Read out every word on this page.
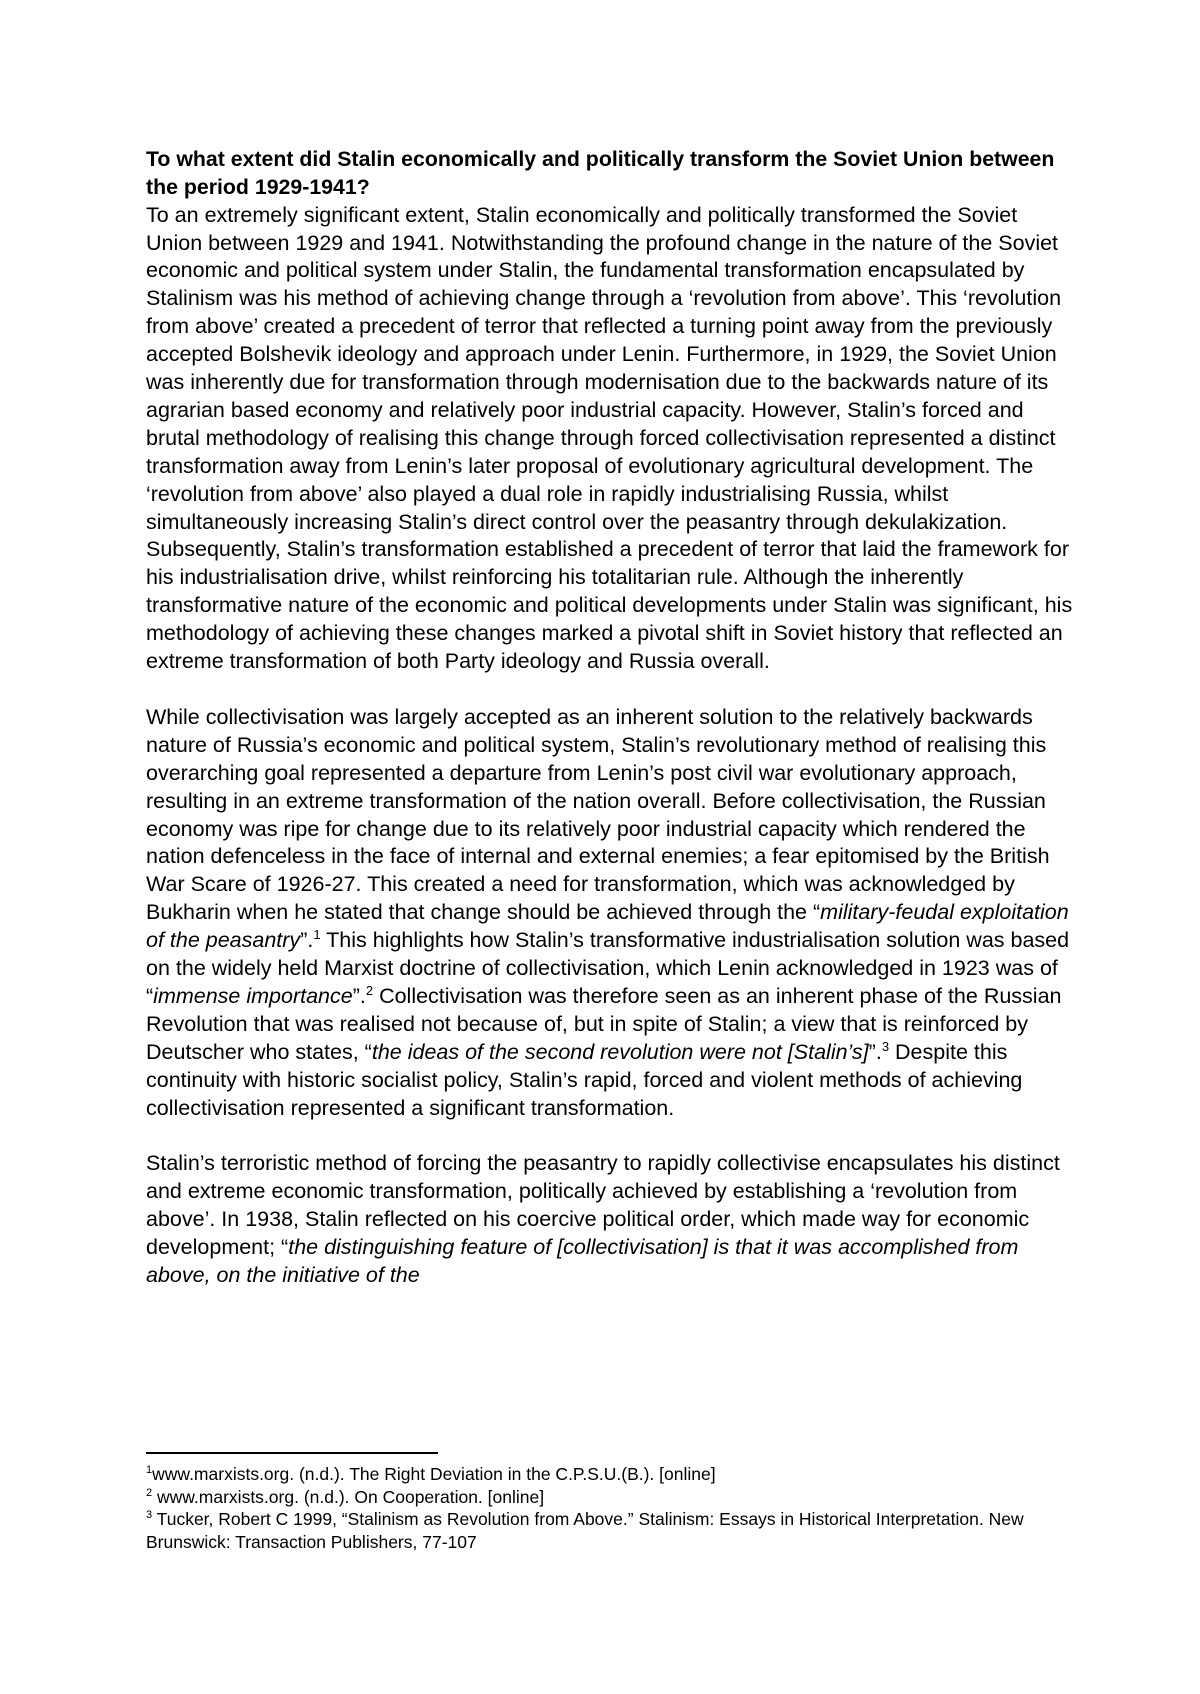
To what extent did Stalin economically and politically transform the Soviet Union between the period 1929-1941?

To an extremely significant extent, Stalin economically and politically transformed the Soviet Union between 1929 and 1941. Notwithstanding the profound change in the nature of the Soviet economic and political system under Stalin, the fundamental transformation encapsulated by Stalinism was his method of achieving change through a ‘revolution from above’. This ‘revolution from above’ created a precedent of terror that reflected a turning point away from the previously accepted Bolshevik ideology and approach under Lenin. Furthermore, in 1929, the Soviet Union was inherently due for transformation through modernisation due to the backwards nature of its agrarian based economy and relatively poor industrial capacity. However, Stalin’s forced and brutal methodology of realising this change through forced collectivisation represented a distinct transformation away from Lenin’s later proposal of evolutionary agricultural development. The ‘revolution from above’ also played a dual role in rapidly industrialising Russia, whilst simultaneously increasing Stalin’s direct control over the peasantry through dekulakization. Subsequently, Stalin’s transformation established a precedent of terror that laid the framework for his industrialisation drive, whilst reinforcing his totalitarian rule. Although the inherently transformative nature of the economic and political developments under Stalin was significant, his methodology of achieving these changes marked a pivotal shift in Soviet history that reflected an extreme transformation of both Party ideology and Russia overall.

While collectivisation was largely accepted as an inherent solution to the relatively backwards nature of Russia’s economic and political system, Stalin’s revolutionary method of realising this overarching goal represented a departure from Lenin’s post civil war evolutionary approach, resulting in an extreme transformation of the nation overall. Before collectivisation, the Russian economy was ripe for change due to its relatively poor industrial capacity which rendered the nation defenceless in the face of internal and external enemies; a fear epitomised by the British War Scare of 1926-27. This created a need for transformation, which was acknowledged by Bukharin when he stated that change should be achieved through the “military-feudal exploitation of the peasantry”.$^1$ This highlights how Stalin’s transformative industrialisation solution was based on the widely held Marxist doctrine of collectivisation, which Lenin acknowledged in 1923 was of “immense importance”.$^2$ Collectivisation was therefore seen as an inherent phase of the Russian Revolution that was realised not because of, but in spite of Stalin; a view that is reinforced by Deutscher who states, “the ideas of the second revolution were not [Stalin’s]”.$^3$ Despite this continuity with historic socialist policy, Stalin’s rapid, forced and violent methods of achieving collectivisation represented a significant transformation.

Stalin’s terroristic method of forcing the peasantry to rapidly collectivise encapsulates his distinct and extreme economic transformation, politically achieved by establishing a ‘revolution from above’. In 1938, Stalin reflected on his coercive political order, which made way for economic development; “the distinguishing feature of [collectivisation] is that it was accomplished from above, on the initiative of the

$^1$www.marxists.org. (n.d.). The Right Deviation in the C.P.S.U.(B.). [online]
$^2$ www.marxists.org. (n.d.). On Cooperation. [online]
$^3$ Tucker, Robert C 1999, “Stalinism as Revolution from Above.” Stalinism: Essays in Historical Interpretation. New Brunswick: Transaction Publishers, 77-107
